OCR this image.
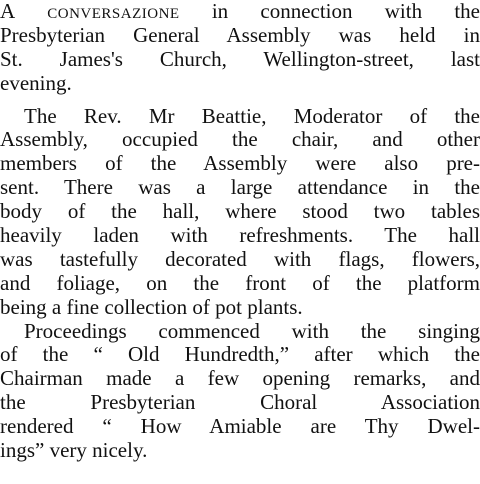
A conversazione in connection with the
Presbyterian General Assembly was held in
St. James's Church, Wellington-street, last
evening.
The Rev. Mr Beattie, Moderator of the
Assembly, occupied the chair, and other
members of the Assembly were also pre-
sent. There was a large attendance in the
body of the hall, where stood two tables
heavily laden with refreshments. The hall
was tastefully decorated with flags, flowers,
and foliage, on the front of the platform
being a fine collection of pot plants.
Proceedings commenced with the singing
of the “ Old Hundredth,” after which the
Chairman made a few opening remarks, and
the Presbyterian Choral Association
rendered “ How Amiable are Thy Dwel-
ings” very nicely.
